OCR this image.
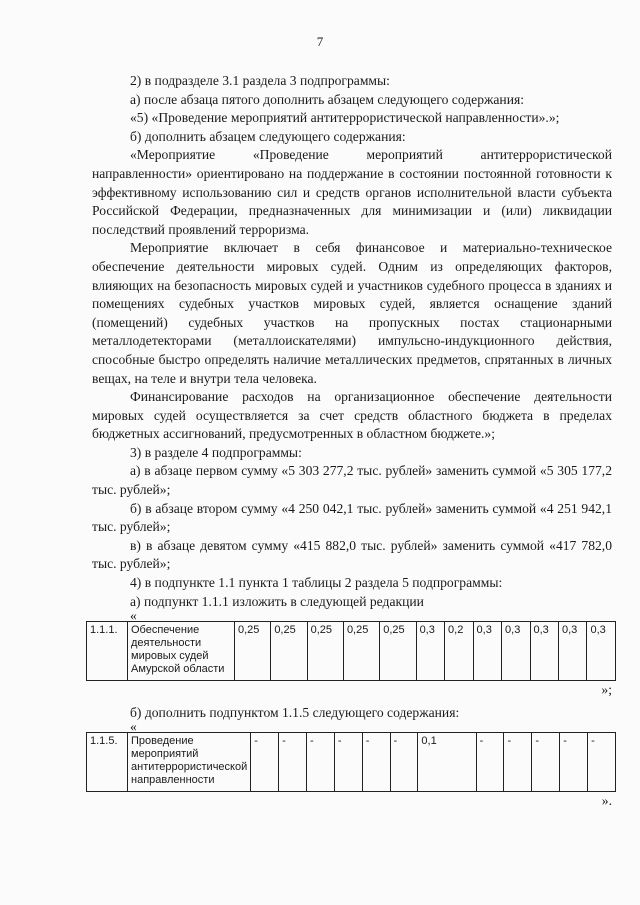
7

2) в подразделе 3.1 раздела 3 подпрограммы:

а) после абзаца пятого дополнить абзацем следующего содержания:

«5) «Проведение мероприятий антитеррористической направленности».»;

б) дополнить абзацем следующего содержания:

«Мероприятие «Проведение мероприятий антитеррористической направленности» ориентировано на поддержание в состоянии постоянной готовности к эффективному использованию сил и средств органов исполнительной власти субъекта Российской Федерации, предназначенных для минимизации и (или) ликвидации последствий проявлений терроризма.

Мероприятие включает в себя финансовое и материально-техническое обеспечение деятельности мировых судей. Одним из определяющих факторов, влияющих на безопасность мировых судей и участников судебного процесса в зданиях и помещениях судебных участков мировых судей, является оснащение зданий (помещений) судебных участков на пропускных постах стационарными металлодетекторами (металлоискателями) импульсно-индукционного действия, способные быстро определять наличие металлических предметов, спрятанных в личных вещах, на теле и внутри тела человека.

Финансирование расходов на организационное обеспечение деятельности мировых судей осуществляется за счет средств областного бюджета в пределах бюджетных ассигнований, предусмотренных в областном бюджете.»;

3) в разделе 4 подпрограммы:

а) в абзаце первом сумму «5 303 277,2 тыс. рублей» заменить суммой «5 305 177,2 тыс. рублей»;

б) в абзаце втором сумму «4 250 042,1 тыс. рублей» заменить суммой «4 251 942,1 тыс. рублей»;

в) в абзаце девятом сумму «415 882,0 тыс. рублей» заменить суммой «417 782,0 тыс. рублей»;

4) в подпункте 1.1 пункта 1 таблицы 2 раздела 5 подпрограммы:

а) подпункт 1.1.1 изложить в следующей редакции

«

1.1.1.	Обеспечение деятельности мировых судей Амурской области	0,25	0,25	0,25	0,25	0,25	0,3	0,2	0,3	0,3	0,3	0,3	0,3

»;

б) дополнить подпунктом 1.1.5 следующего содержания:

«

1.1.5.	Проведение мероприятий антитеррористической направленности	-	-	-	-	-	-	0,1	-	-	-	-	-

».
